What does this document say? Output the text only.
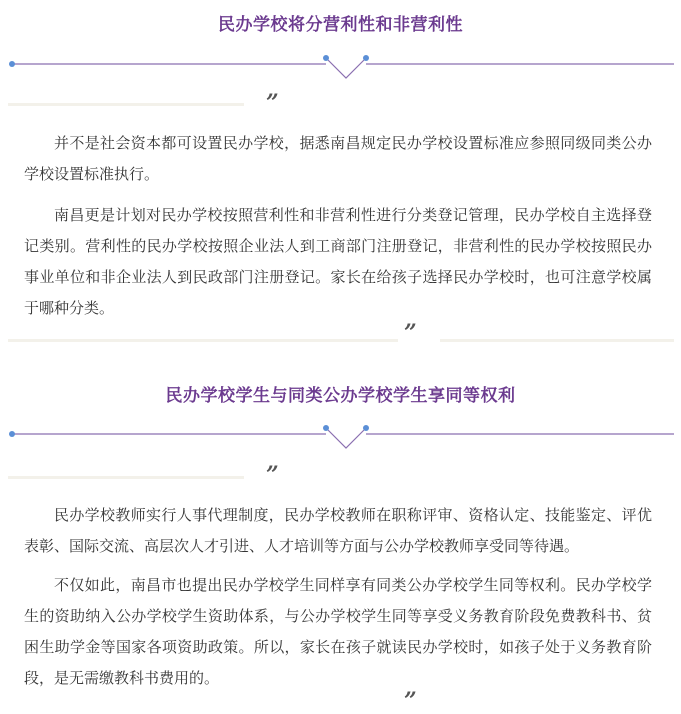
民办学校将分营利性和非营利性
”

并不是社会资本都可设置民办学校，据悉南昌规定民办学校设置标准应参照同级同类公办学校设置标准执行。

南昌更是计划对民办学校按照营利性和非营利性进行分类登记管理，民办学校自主选择登记类别。营利性的民办学校按照企业法人到工商部门注册登记，非营利性的民办学校按照民办事业单位和非企业法人到民政部门注册登记。家长在给孩子选择民办学校时，也可注意学校属于哪种分类。

”
民办学校学生与同类公办学校学生享同等权利
”

民办学校教师实行人事代理制度，民办学校教师在职称评审、资格认定、技能鉴定、评优表彰、国际交流、高层次人才引进、人才培训等方面与公办学校教师享受同等待遇。

不仅如此，南昌市也提出民办学校学生同样享有同类公办学校学生同等权利。民办学校学生的资助纳入公办学校学生资助体系，与公办学校学生同等享受义务教育阶段免费教科书、贫困生助学金等国家各项资助政策。所以，家长在孩子就读民办学校时，如孩子处于义务教育阶段，是无需缴教科书费用的。

”
